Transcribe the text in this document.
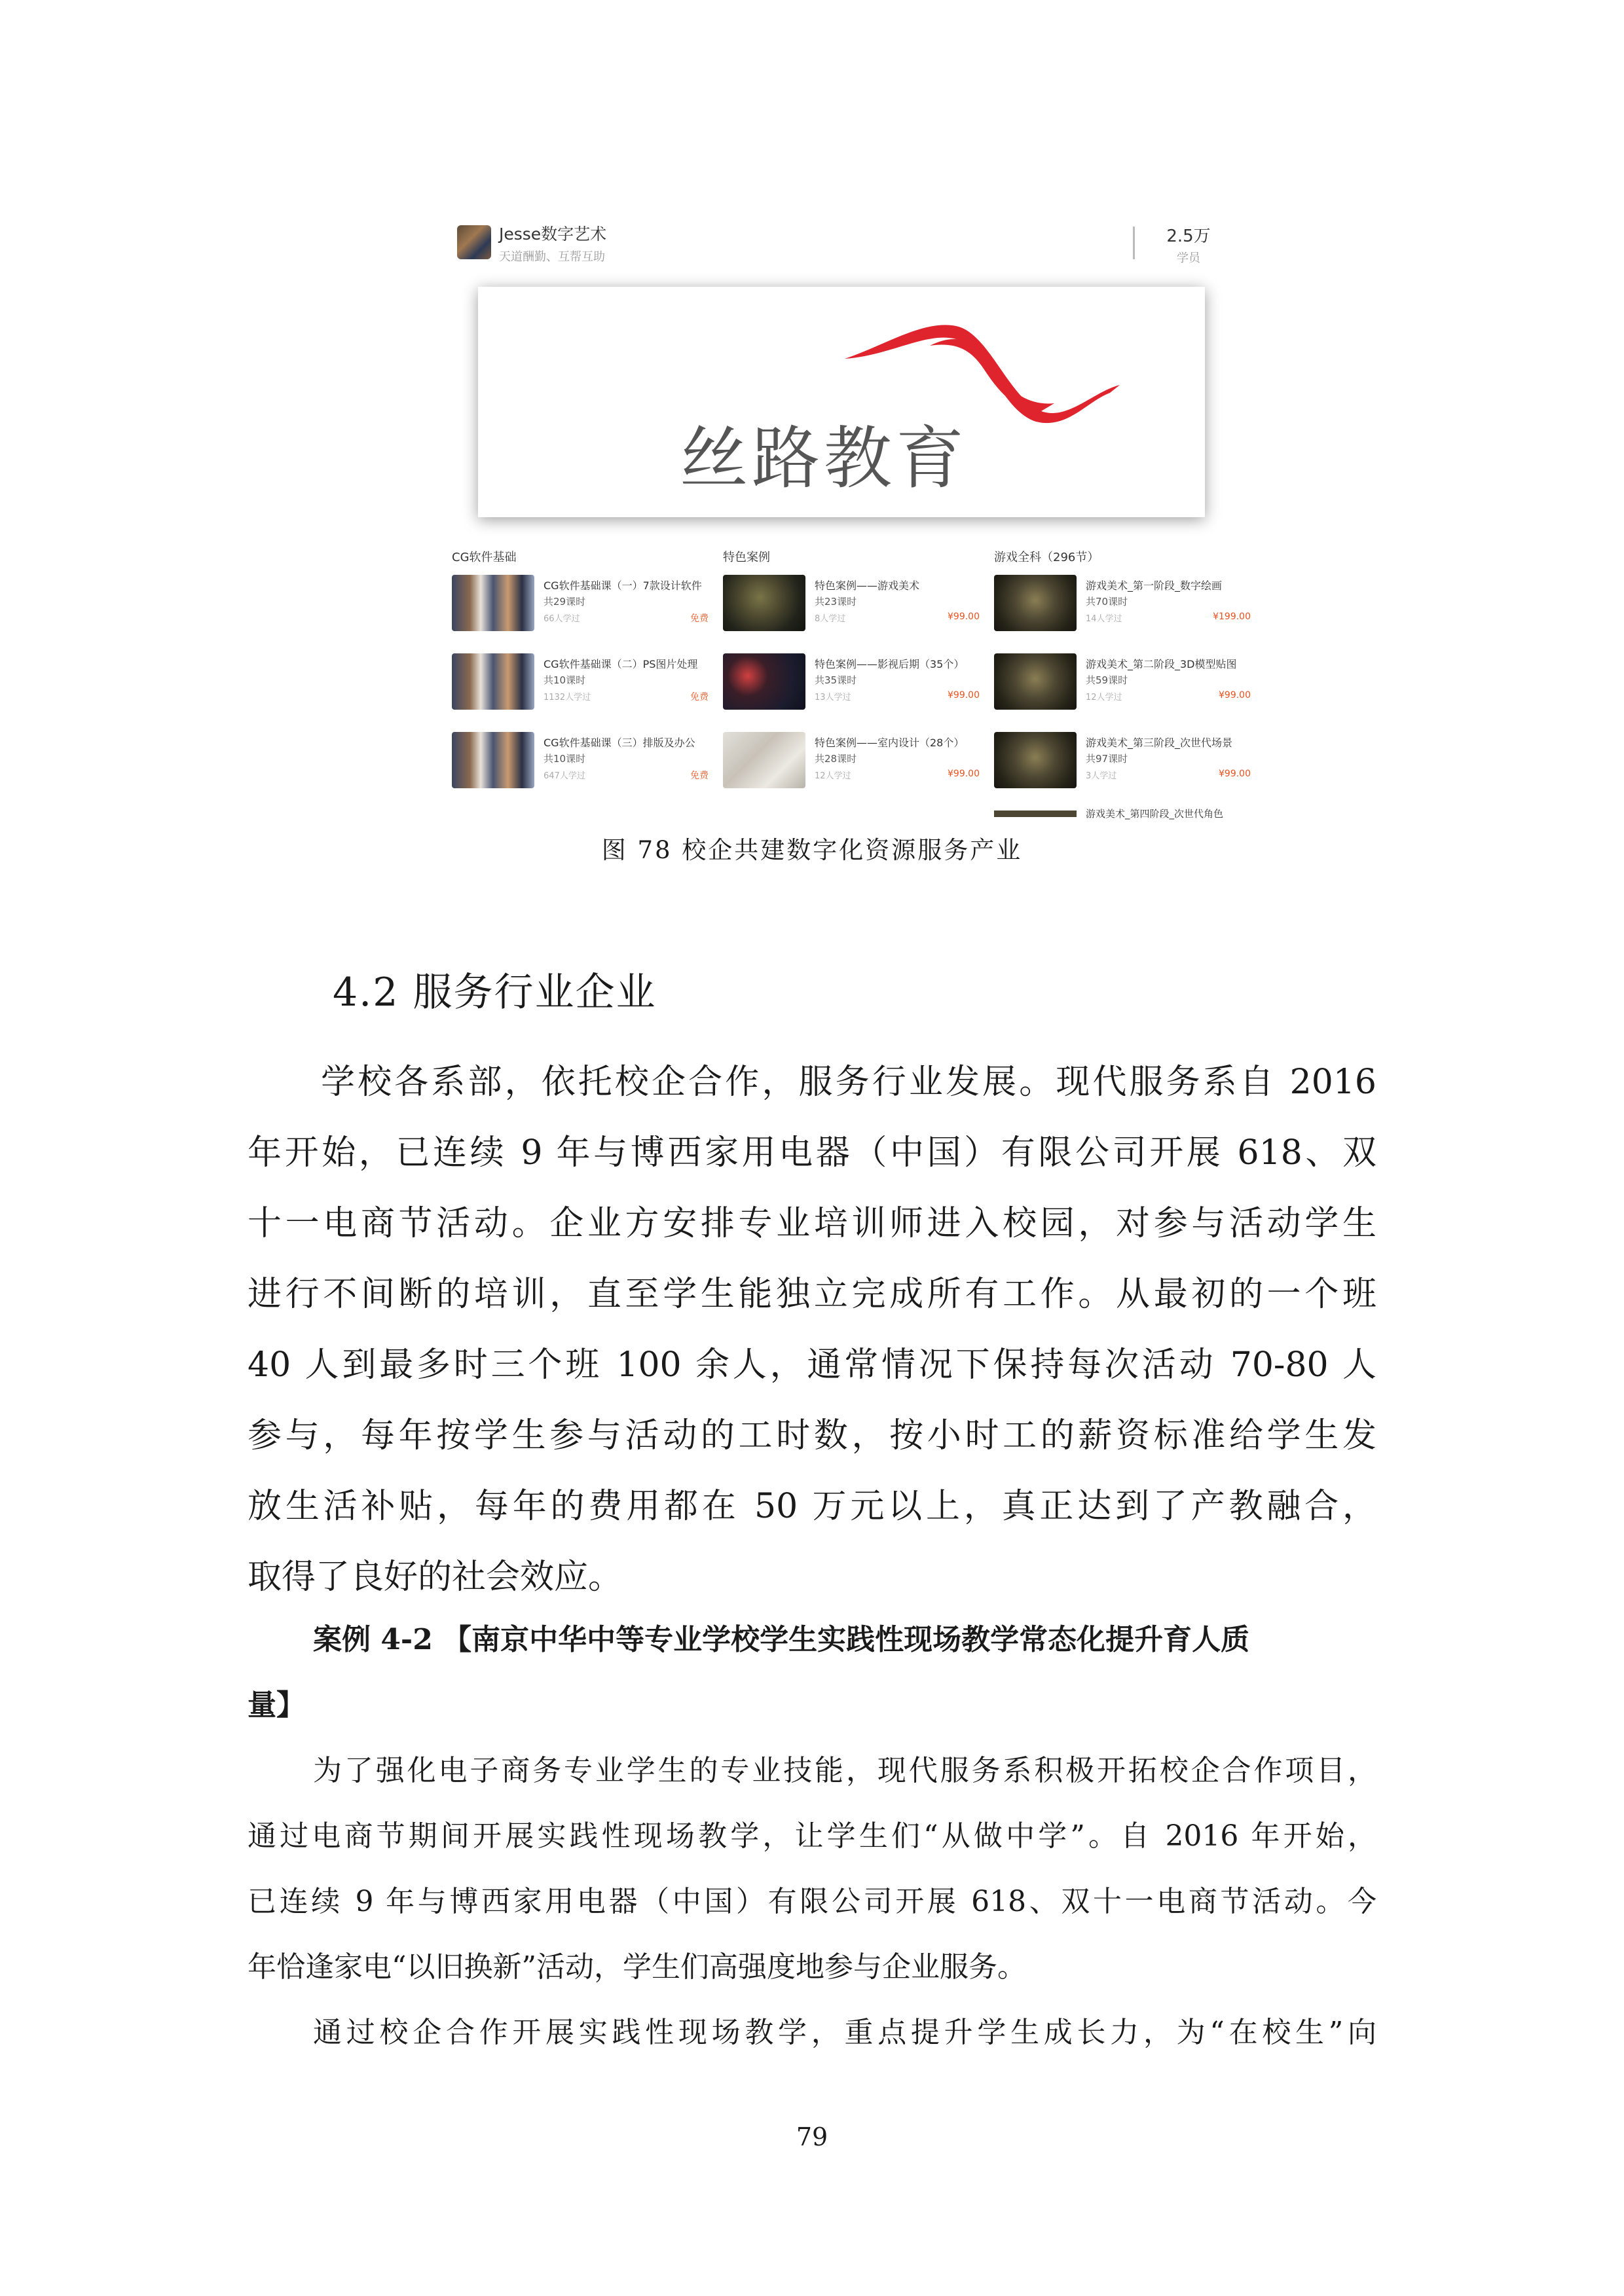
Jesse数字艺术
天道酬勤、互帮互助
2.5万
学员
丝路教育
CG软件基础
CG软件基础课（一）7款设计软件
共29课时
66人学过	免费
CG软件基础课（二）PS图片处理
共10课时
1132人学过	免费
CG软件基础课（三）排版及办公
共10课时
647人学过	免费
特色案例
特色案例——游戏美术
共23课时
8人学过	¥99.00
特色案例——影视后期（35个）
共35课时
13人学过	¥99.00
特色案例——室内设计（28个）
共28课时
12人学过	¥99.00
游戏全科（296节）
游戏美术_第一阶段_数字绘画
共70课时
14人学过	¥199.00
游戏美术_第二阶段_3D模型贴图
共59课时
12人学过	¥99.00
游戏美术_第三阶段_次世代场景
共97课时
3人学过	¥99.00
游戏美术_第四阶段_次世代角色
图 78 校企共建数字化资源服务产业
4.2 服务行业企业
学校各系部，依托校企合作，服务行业发展。现代服务系自 2016
年开始，已连续 9 年与博西家用电器（中国）有限公司开展 618、双
十一电商节活动。企业方安排专业培训师进入校园，对参与活动学生
进行不间断的培训，直至学生能独立完成所有工作。从最初的一个班
40 人到最多时三个班 100 余人，通常情况下保持每次活动 70-80 人
参与，每年按学生参与活动的工时数，按小时工的薪资标准给学生发
放生活补贴，每年的费用都在 50 万元以上，真正达到了产教融合，
取得了良好的社会效应。
案例 4-2 【南京中华中等专业学校学生实践性现场教学常态化提升育人质
量】
为了强化电子商务专业学生的专业技能，现代服务系积极开拓校企合作项目，
通过电商节期间开展实践性现场教学，让学生们“从做中学”。自 2016 年开始，
已连续 9 年与博西家用电器（中国）有限公司开展 618、双十一电商节活动。今
年恰逢家电“以旧换新”活动，学生们高强度地参与企业服务。
通过校企合作开展实践性现场教学，重点提升学生成长力，为“在校生”向
79
